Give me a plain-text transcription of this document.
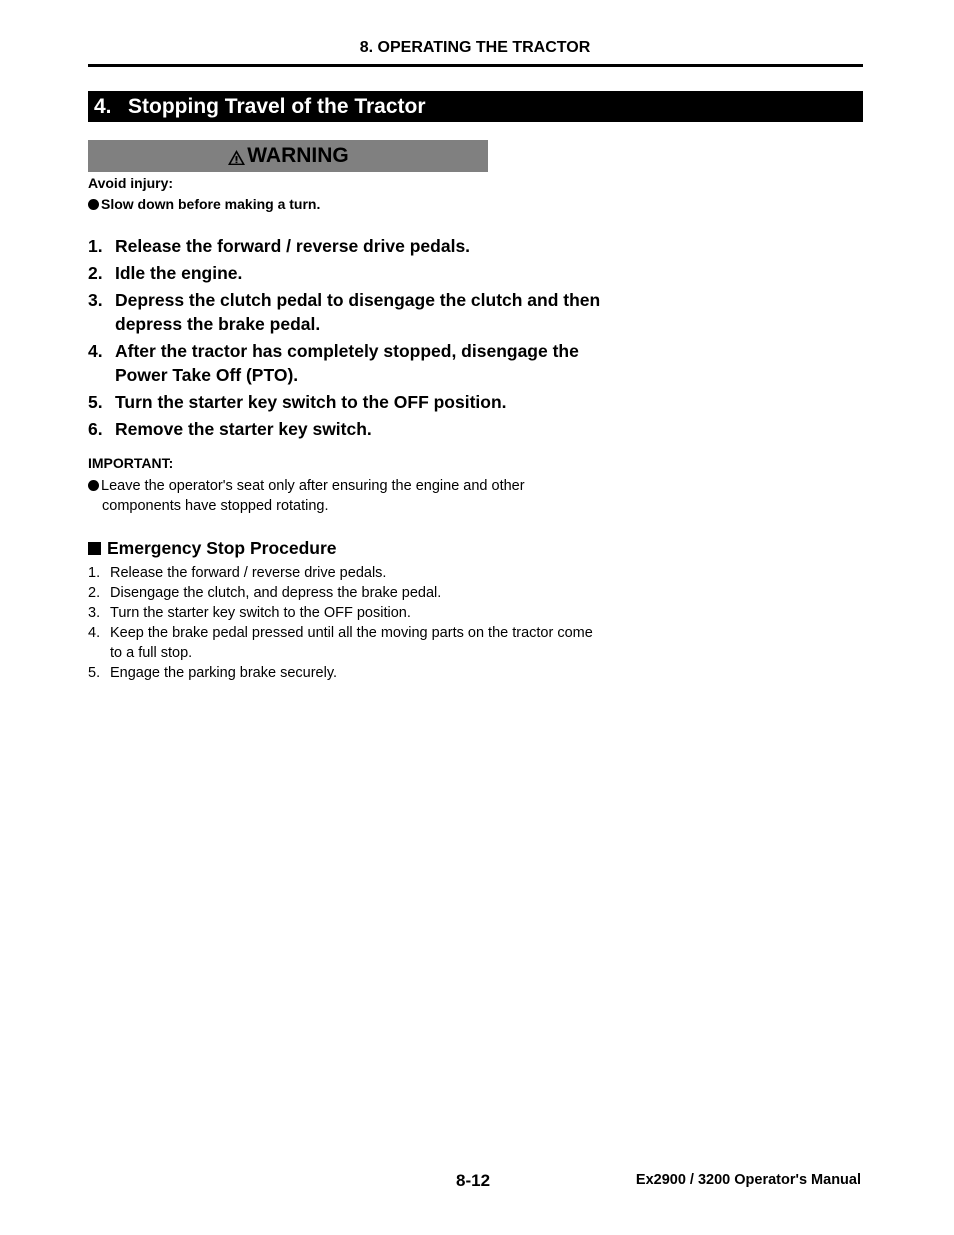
8. OPERATING THE TRACTOR
4. Stopping Travel of the Tractor
WARNING
Avoid injury:
Slow down before making a turn.
1. Release the forward / reverse drive pedals.
2. Idle the engine.
3. Depress the clutch pedal to disengage the clutch and then depress the brake pedal.
4. After the tractor has completely stopped, disengage the Power Take Off (PTO).
5. Turn the starter key switch to the OFF position.
6. Remove the starter key switch.
IMPORTANT:
Leave the operator's seat only after ensuring the engine and other
components have stopped rotating.
Emergency Stop Procedure
1. Release the forward / reverse drive pedals.
2. Disengage the clutch, and depress the brake pedal.
3. Turn the starter key switch to the OFF position.
4. Keep the brake pedal pressed until all the moving parts on the tractor come to a full stop.
5. Engage the parking brake securely.
8-12	Ex2900 / 3200 Operator's Manual
